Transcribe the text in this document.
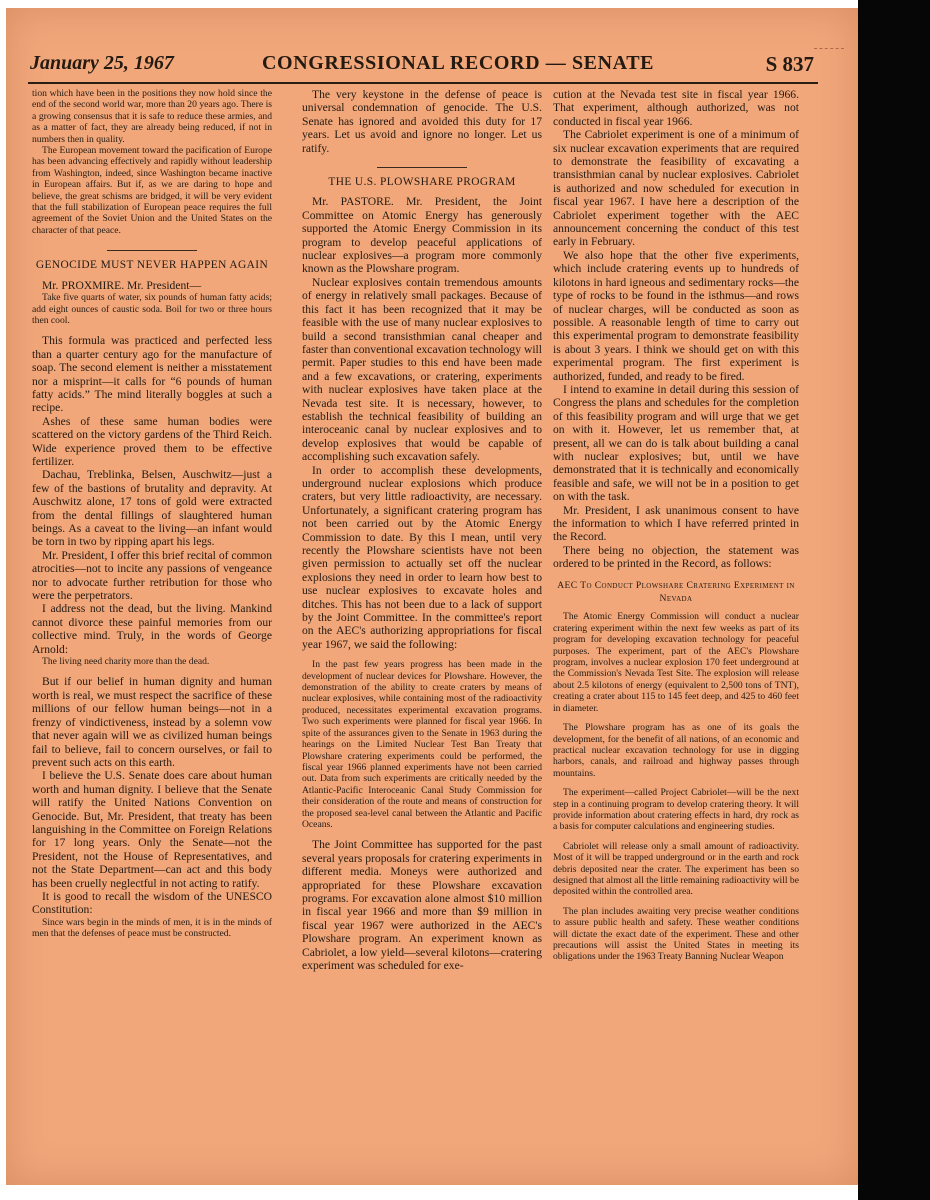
January 25, 1967	CONGRESSIONAL RECORD — SENATE	S 837

tion which have been in the positions they now hold since the end of the second world war, more than 20 years ago. There is a growing consensus that it is safe to reduce these armies, and as a matter of fact, they are already being reduced, if not in numbers then in quality.

The European movement toward the pacification of Europe has been advancing effectively and rapidly without leadership from Washington, indeed, since Washington became inactive in European affairs. But if, as we are daring to hope and believe, the great schisms are bridged, it will be very evident that the full stabilization of European peace requires the full agreement of the Soviet Union and the United States on the character of that peace.

GENOCIDE MUST NEVER HAPPEN AGAIN

Mr. PROXMIRE. Mr. President—

Take five quarts of water, six pounds of human fatty acids; add eight ounces of caustic soda. Boil for two or three hours then cool.

This formula was practiced and perfected less than a quarter century ago for the manufacture of soap. The second element is neither a misstatement nor a misprint—it calls for “6 pounds of human fatty acids.” The mind literally boggles at such a recipe.

Ashes of these same human bodies were scattered on the victory gardens of the Third Reich. Wide experience proved them to be effective fertilizer.

Dachau, Treblinka, Belsen, Auschwitz—just a few of the bastions of brutality and depravity. At Auschwitz alone, 17 tons of gold were extracted from the dental fillings of slaughtered human beings. As a caveat to the living—an infant would be torn in two by ripping apart his legs.

Mr. President, I offer this brief recital of common atrocities—not to incite any passions of vengeance nor to advocate further retribution for those who were the perpetrators.

I address not the dead, but the living. Mankind cannot divorce these painful memories from our collective mind. Truly, in the words of George Arnold:

The living need charity more than the dead.

But if our belief in human dignity and human worth is real, we must respect the sacrifice of these millions of our fellow human beings—not in a frenzy of vindictiveness, instead by a solemn vow that never again will we as civilized human beings fail to believe, fail to concern ourselves, or fail to prevent such acts on this earth.

I believe the U.S. Senate does care about human worth and human dignity. I believe that the Senate will ratify the United Nations Convention on Genocide. But, Mr. President, that treaty has been languishing in the Committee on Foreign Relations for 17 long years. Only the Senate—not the President, not the House of Representatives, and not the State Department—can act and this body has been cruelly neglectful in not acting to ratify.

It is good to recall the wisdom of the UNESCO Constitution:

Since wars begin in the minds of men, it is in the minds of men that the defenses of peace must be constructed.

The very keystone in the defense of peace is universal condemnation of genocide. The U.S. Senate has ignored and avoided this duty for 17 years. Let us avoid and ignore no longer. Let us ratify.

THE U.S. PLOWSHARE PROGRAM

Mr. PASTORE. Mr. President, the Joint Committee on Atomic Energy has generously supported the Atomic Energy Commission in its program to develop peaceful applications of nuclear explosives—a program more commonly known as the Plowshare program.

Nuclear explosives contain tremendous amounts of energy in relatively small packages. Because of this fact it has been recognized that it may be feasible with the use of many nuclear explosives to build a second transisthmian canal cheaper and faster than conventional excavation technology will permit. Paper studies to this end have been made and a few excavations, or cratering, experiments with nuclear explosives have taken place at the Nevada test site. It is necessary, however, to establish the technical feasibility of building an interoceanic canal by nuclear explosives and to develop explosives that would be capable of accomplishing such excavation safely.

In order to accomplish these developments, underground nuclear explosions which produce craters, but very little radioactivity, are necessary. Unfortunately, a significant cratering program has not been carried out by the Atomic Energy Commission to date. By this I mean, until very recently the Plowshare scientists have not been given permission to actually set off the nuclear explosions they need in order to learn how best to use nuclear explosives to excavate holes and ditches. This has not been due to a lack of support by the Joint Committee. In the committee's report on the AEC's authorizing appropriations for fiscal year 1967, we said the following:

In the past few years progress has been made in the development of nuclear devices for Plowshare. However, the demonstration of the ability to create craters by means of nuclear explosives, while containing most of the radioactivity produced, necessitates experimental excavation programs. Two such experiments were planned for fiscal year 1966. In spite of the assurances given to the Senate in 1963 during the hearings on the Limited Nuclear Test Ban Treaty that Plowshare cratering experiments could be performed, the fiscal year 1966 planned experiments have not been carried out. Data from such experiments are critically needed by the Atlantic-Pacific Interoceanic Canal Study Commission for their consideration of the route and means of construction for the proposed sea-level canal between the Atlantic and Pacific Oceans.

The Joint Committee has supported for the past several years proposals for cratering experiments in different media. Moneys were authorized and appropriated for these Plowshare excavation programs. For excavation alone almost $10 million in fiscal year 1966 and more than $9 million in fiscal year 1967 were authorized in the AEC's Plowshare program. An experiment known as Cabriolet, a low yield—several kilotons—cratering experiment was scheduled for exe-

cution at the Nevada test site in fiscal year 1966. That experiment, although authorized, was not conducted in fiscal year 1966.

The Cabriolet experiment is one of a minimum of six nuclear excavation experiments that are required to demonstrate the feasibility of excavating a transisthmian canal by nuclear explosives. Cabriolet is authorized and now scheduled for execution in fiscal year 1967. I have here a description of the Cabriolet experiment together with the AEC announcement concerning the conduct of this test early in February.

We also hope that the other five experiments, which include cratering events up to hundreds of kilotons in hard igneous and sedimentary rocks—the type of rocks to be found in the isthmus—and rows of nuclear charges, will be conducted as soon as possible. A reasonable length of time to carry out this experimental program to demonstrate feasibility is about 3 years. I think we should get on with this experimental program. The first experiment is authorized, funded, and ready to be fired.

I intend to examine in detail during this session of Congress the plans and schedules for the completion of this feasibility program and will urge that we get on with it. However, let us remember that, at present, all we can do is talk about building a canal with nuclear explosives; but, until we have demonstrated that it is technically and economically feasible and safe, we will not be in a position to get on with the task.

Mr. President, I ask unanimous consent to have the information to which I have referred printed in the Record.

There being no objection, the statement was ordered to be printed in the Record, as follows:

AEC To Conduct Plowshare Cratering Experiment in Nevada

The Atomic Energy Commission will conduct a nuclear cratering experiment within the next few weeks as part of its program for developing excavation technology for peaceful purposes. The experiment, part of the AEC's Plowshare program, involves a nuclear explosion 170 feet underground at the Commission's Nevada Test Site. The explosion will release about 2.5 kilotons of energy (equivalent to 2,500 tons of TNT), creating a crater about 115 to 145 feet deep, and 425 to 460 feet in diameter.

The Plowshare program has as one of its goals the development, for the benefit of all nations, of an economic and practical nuclear excavation technology for use in digging harbors, canals, and railroad and highway passes through mountains.

The experiment—called Project Cabriolet—will be the next step in a continuing program to develop cratering theory. It will provide information about cratering effects in hard, dry rock as a basis for computer calculations and engineering studies.

Cabriolet will release only a small amount of radioactivity. Most of it will be trapped underground or in the earth and rock debris deposited near the crater. The experiment has been so designed that almost all the little remaining radioactivity will be deposited within the controlled area.

The plan includes awaiting very precise weather conditions to assure public health and safety. These weather conditions will dictate the exact date of the experiment. These and other precautions will assist the United States in meeting its obligations under the 1963 Treaty Banning Nuclear Weapon
